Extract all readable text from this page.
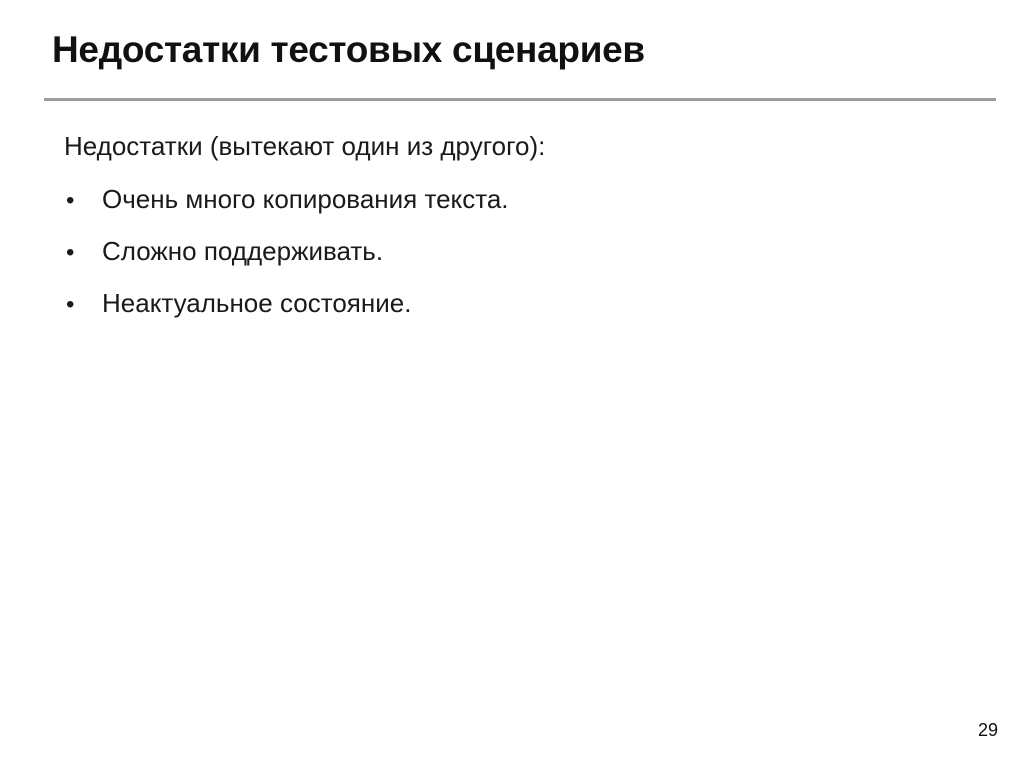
Недостатки тестовых сценариев

Недостатки (вытекают один из другого):

•	Очень много копирования текста.
•	Сложно поддерживать.
•	Неактуальное состояние.
29
